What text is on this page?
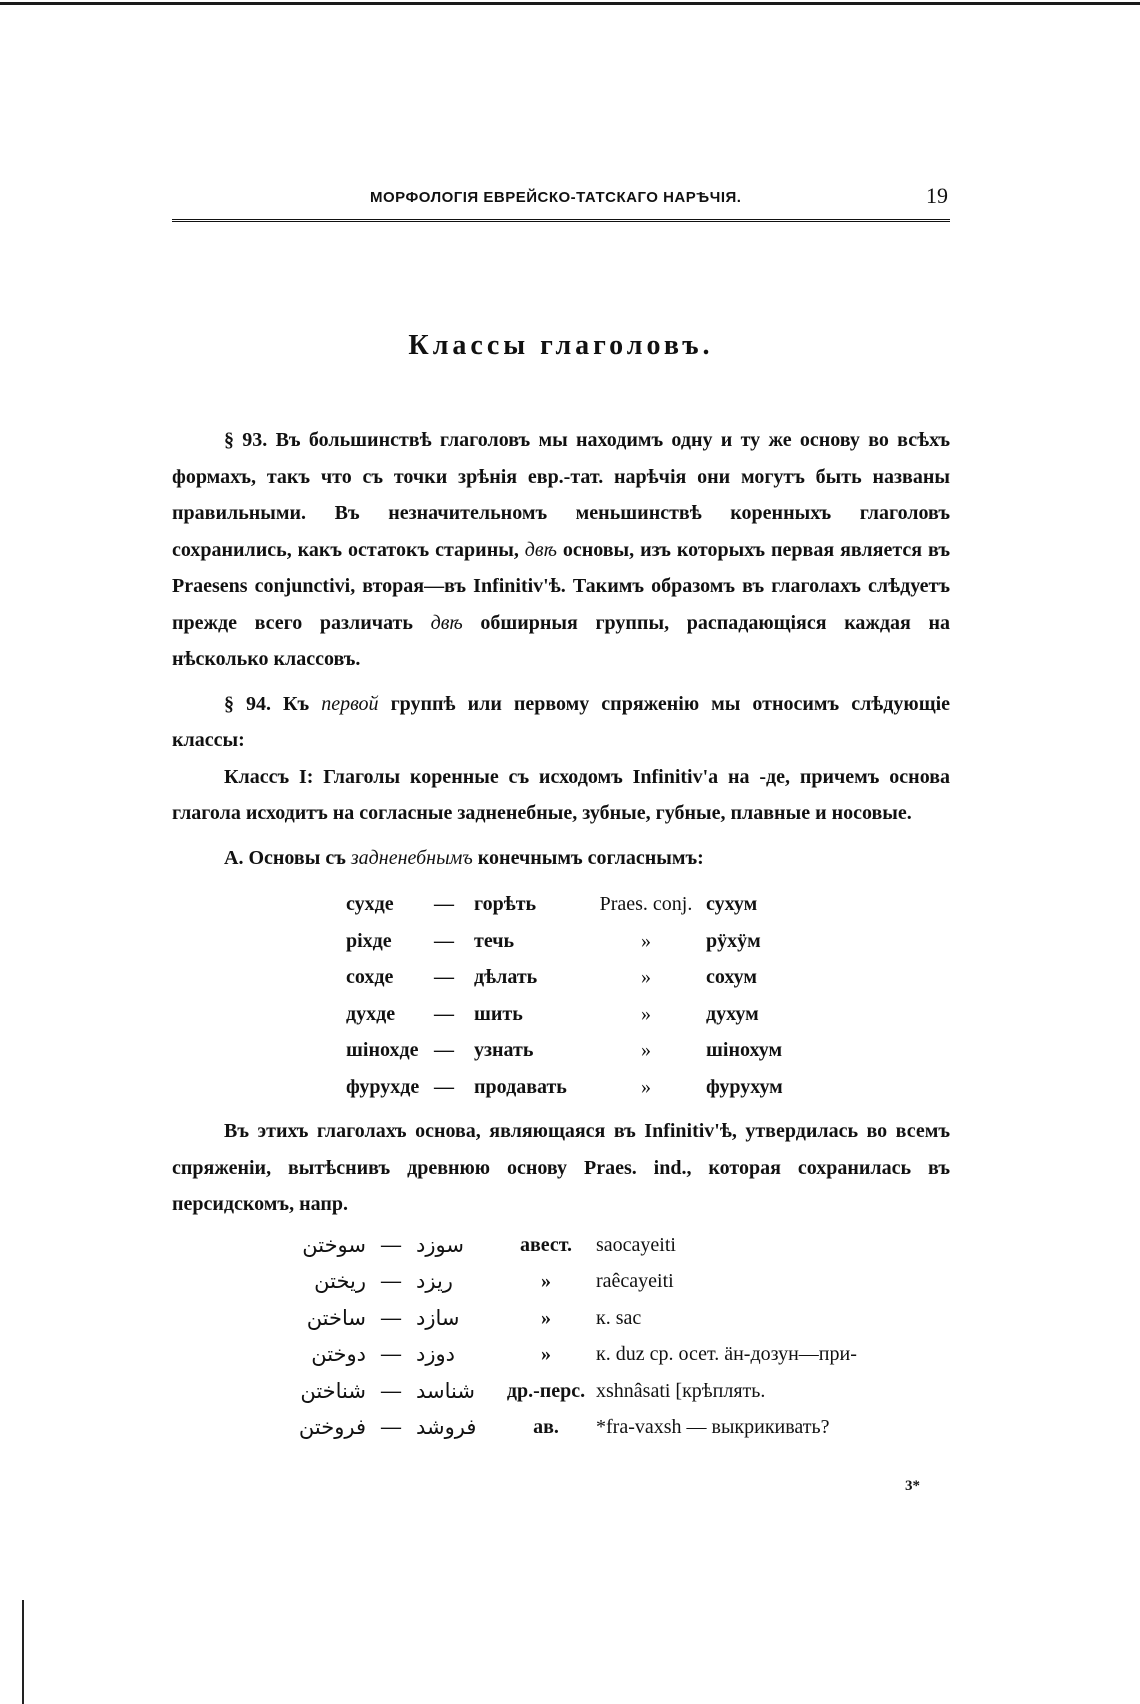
МОРФОЛОГІЯ ЕВРЕЙСКО-ТАТСКАГО НАРѢЧІЯ.	19
Классы глаголовъ.

§ 93. Въ большинствѣ глаголовъ мы находимъ одну и ту же основу во всѣхъ формахъ, такъ что съ точки зрѣнія евр.-тат. нарѣчія они могутъ быть названы правильными. Въ незначительномъ меньшинствѣ коренныхъ глаголовъ сохранились, какъ остатокъ старины, двѣ основы, изъ которыхъ первая является въ Praesens conjunctivi, вторая—въ Infinitiv'ѣ. Такимъ образомъ въ глаголахъ слѣдуетъ прежде всего различать двѣ обширныя группы, распадающіяся каждая на нѣсколько классовъ.

§ 94. Къ первой группѣ или первому спряженію мы относимъ слѣдующіе классы:

Классъ I: Глаголы коренные съ исходомъ Infinitiv'а на -де, причемъ основа глагола исходитъ на согласные задненебные, зубные, губные, плавные и носовые.

А. Основы съ задненебнымъ конечнымъ согласнымъ:
сухде	—	горѣть	Praes. conj.	сухум
ріхде	—	течь	»	рӱхӱм
сохде	—	дѣлать	»	сохум
духде	—	шить	»	духум
шінохде	—	узнать	»	шінохум
фурухде	—	продавать	»	фурухум

Въ этихъ глаголахъ основа, являющаяся въ Infinitiv'ѣ, утвердилась во всемъ спряженіи, вытѣснивъ древнюю основу Praes. ind., которая сохранилась въ персидскомъ, напр.

سوختن	—	سوزد	авест.	saocayeiti
ریختن	—	ریزد	»	raêcayeiti
ساختن	—	سازد	»	к. sac
دوختن	—	دوزد	»	к. duz ср. осет. ӓн-дозун—при-
شناختن	—	شناسد	др.-перс.	xshnâsati [крѣплять.
فروختن	—	فروشد	ав.	*fra-vaxsh — выкрикивать?
3*
